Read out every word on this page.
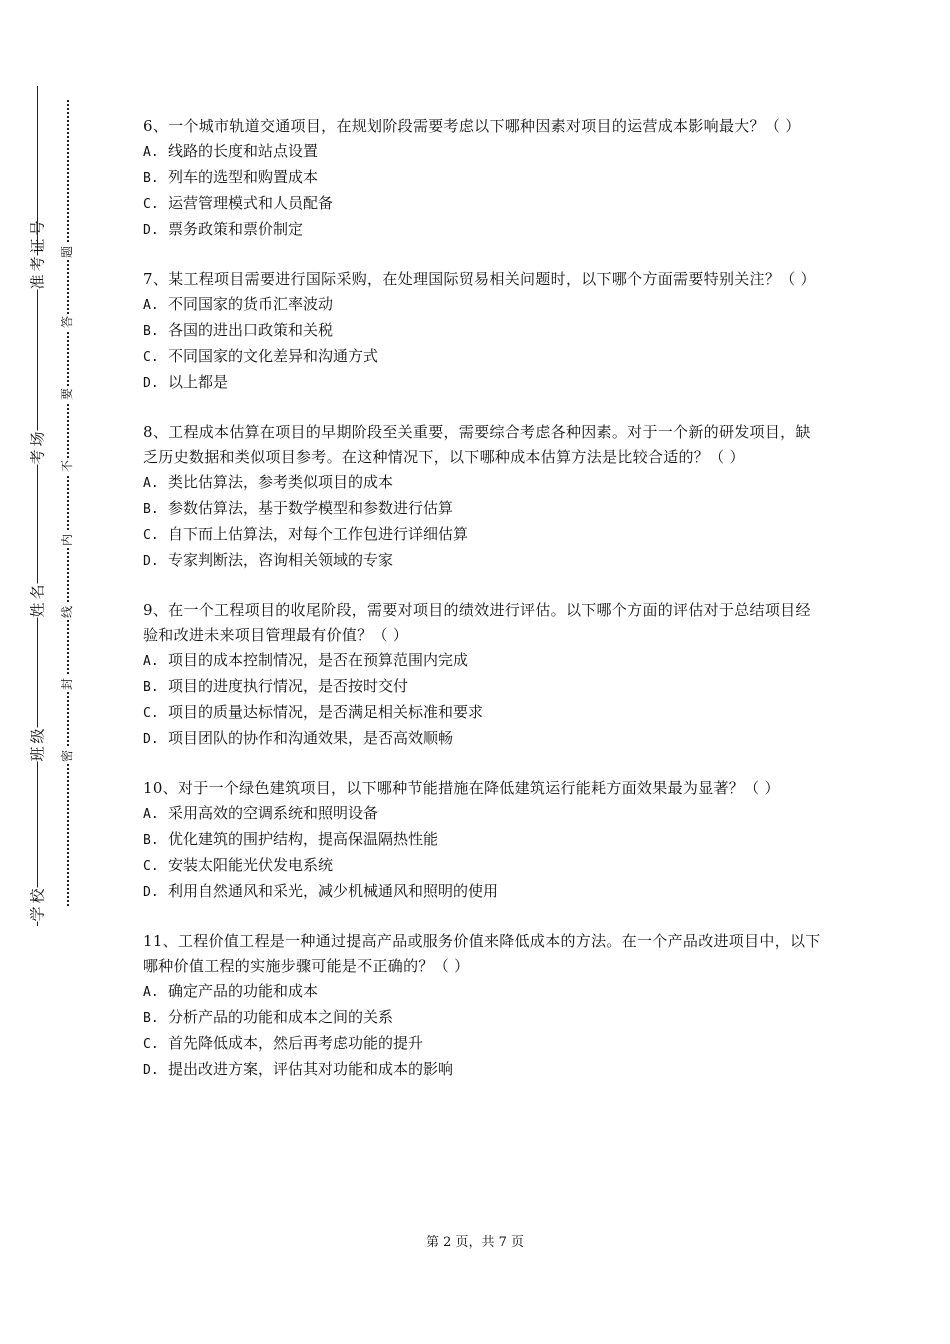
准考证号
考场
姓名
班级
学校
题
答
要
不
内
线
封
密

6、一个城市轨道交通项目，在规划阶段需要考虑以下哪种因素对项目的运营成本影响最大？（ ）

A. 线路的长度和站点设置

B. 列车的选型和购置成本

C. 运营管理模式和人员配备

D. 票务政策和票价制定

7、某工程项目需要进行国际采购，在处理国际贸易相关问题时，以下哪个方面需要特别关注？（ ）

A. 不同国家的货币汇率波动

B. 各国的进出口政策和关税

C. 不同国家的文化差异和沟通方式

D. 以上都是

8、工程成本估算在项目的早期阶段至关重要，需要综合考虑各种因素。对于一个新的研发项目，缺乏历史数据和类似项目参考。在这种情况下，以下哪种成本估算方法是比较合适的？（ ）

A. 类比估算法，参考类似项目的成本

B. 参数估算法，基于数学模型和参数进行估算

C. 自下而上估算法，对每个工作包进行详细估算

D. 专家判断法，咨询相关领域的专家

9、在一个工程项目的收尾阶段，需要对项目的绩效进行评估。以下哪个方面的评估对于总结项目经验和改进未来项目管理最有价值？（ ）

A. 项目的成本控制情况，是否在预算范围内完成

B. 项目的进度执行情况，是否按时交付

C. 项目的质量达标情况，是否满足相关标准和要求

D. 项目团队的协作和沟通效果，是否高效顺畅

10、对于一个绿色建筑项目，以下哪种节能措施在降低建筑运行能耗方面效果最为显著？（ ）

A. 采用高效的空调系统和照明设备

B. 优化建筑的围护结构，提高保温隔热性能

C. 安装太阳能光伏发电系统

D. 利用自然通风和采光，减少机械通风和照明的使用

11、工程价值工程是一种通过提高产品或服务价值来降低成本的方法。在一个产品改进项目中，以下哪种价值工程的实施步骤可能是不正确的？（ ）

A. 确定产品的功能和成本

B. 分析产品的功能和成本之间的关系

C. 首先降低成本，然后再考虑功能的提升

D. 提出改进方案，评估其对功能和成本的影响

第 2 页，共 7 页
